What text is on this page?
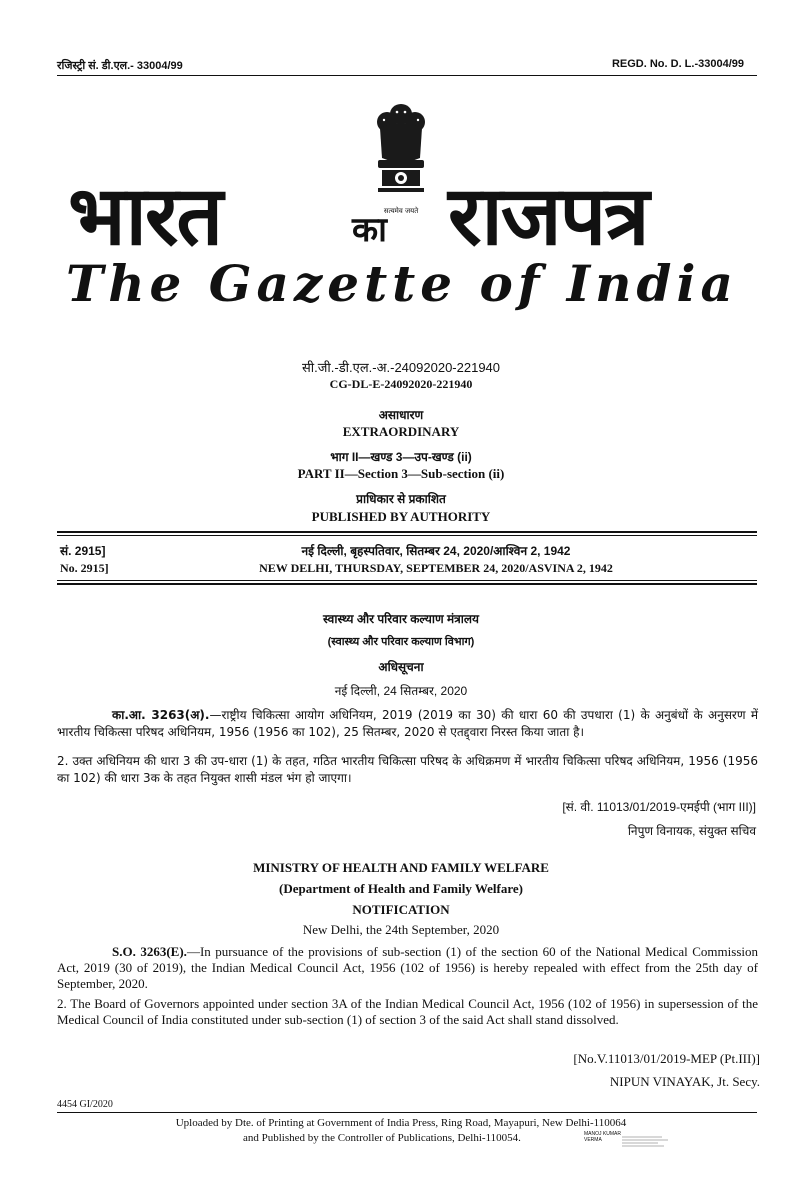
रजिस्ट्री सं. डी.एल.- 33004/99	REGD. No. D. L.-33004/99
भारत	का राजपत्र
सत्यमेव जयते
The Gazette of India
सी.जी.-डी.एल.-अ.-24092020-221940
CG-DL-E-24092020-221940
असाधारण
EXTRAORDINARY
भाग II—खण्ड 3—उप-खण्ड (ii)
PART II—Section 3—Sub-section (ii)
प्राधिकार से प्रकाशित
PUBLISHED BY AUTHORITY
सं. 2915]	नई दिल्ली, बृहस्पतिवार, सितम्बर 24, 2020/आश्विन 2, 1942
No. 2915]	NEW DELHI, THURSDAY, SEPTEMBER 24, 2020/ASVINA 2, 1942
स्वास्थ्य और परिवार कल्याण मंत्रालय
(स्वास्थ्य और परिवार कल्याण विभाग)
अधिसूचना
नई दिल्ली, 24 सितम्बर, 2020
का.आ. 3263(अ).—राष्ट्रीय चिकित्सा आयोग अधिनियम, 2019 (2019 का 30) की धारा 60 की उपधारा (1) के अनुबंधों के अनुसरण में भारतीय चिकित्सा परिषद अधिनियम, 1956 (1956 का 102), 25 सितम्बर, 2020 से एतद्द्वारा निरस्त किया जाता है।
2. उक्त अधिनियम की धारा 3 की उप-धारा (1) के तहत, गठित भारतीय चिकित्सा परिषद के अधिक्रमण में भारतीय चिकित्सा परिषद अधिनियम, 1956 (1956 का 102) की धारा 3क के तहत नियुक्त शासी मंडल भंग हो जाएगा।
[सं. वी. 11013/01/2019-एमईपी (भाग III)]
निपुण विनायक, संयुक्त सचिव
MINISTRY OF HEALTH AND FAMILY WELFARE
(Department of Health and Family Welfare)
NOTIFICATION
New Delhi, the 24th September, 2020
S.O. 3263(E).—In pursuance of the provisions of sub-section (1) of the section 60 of the National Medical Commission Act, 2019 (30 of 2019), the Indian Medical Council Act, 1956 (102 of 1956) is hereby repealed with effect from the 25th day of September, 2020.
2. The Board of Governors appointed under section 3A of the Indian Medical Council Act, 1956 (102 of 1956) in supersession of the Medical Council of India constituted under sub-section (1) of section 3 of the said Act shall stand dissolved.
[No.V.11013/01/2019-MEP (Pt.III)]
NIPUN VINAYAK, Jt. Secy.
4454 GI/2020
Uploaded by Dte. of Printing at Government of India Press, Ring Road, Mayapuri, New Delhi-110064
and Published by the Controller of Publications, Delhi-110054.	MANOJ KUMAR
VERMA
